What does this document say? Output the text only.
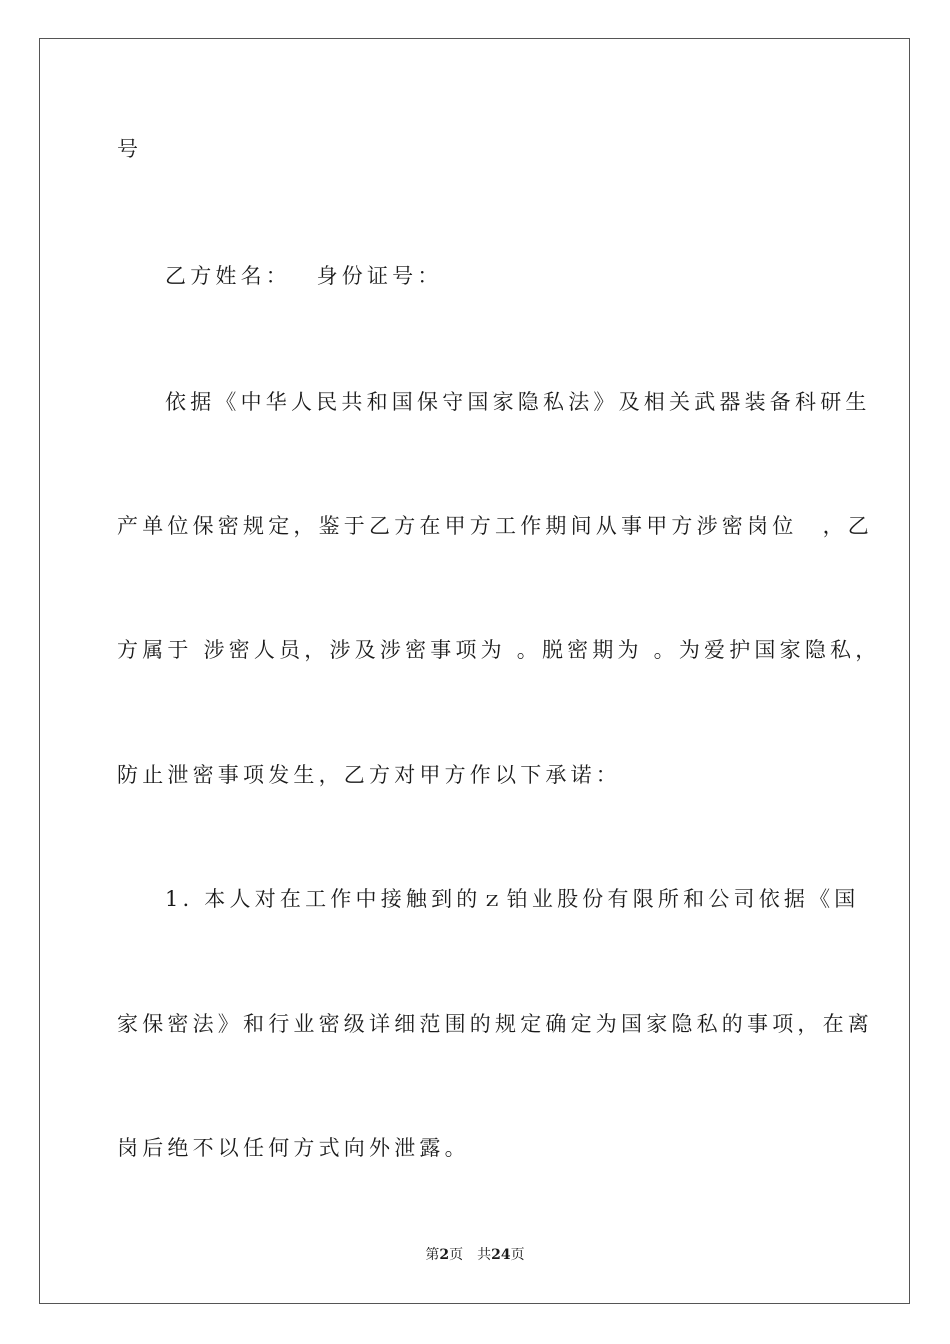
号
乙方姓名：　 身份证号：
依据《中华人民共和国保守国家隐私法》及相关武器装备科研生
产单位保密规定，鉴于乙方在甲方工作期间从事甲方涉密岗位　，乙
方属于 涉密人员，涉及涉密事项为 。脱密期为 。为爱护国家隐私，
防止泄密事项发生，乙方对甲方作以下承诺：
1. 本人对在工作中接触到的ｚ铂业股份有限所和公司依据《国
家保密法》和行业密级详细范围的规定确定为国家隐私的事项，在离
岗后绝不以任何方式向外泄露。
第2页 共24页
